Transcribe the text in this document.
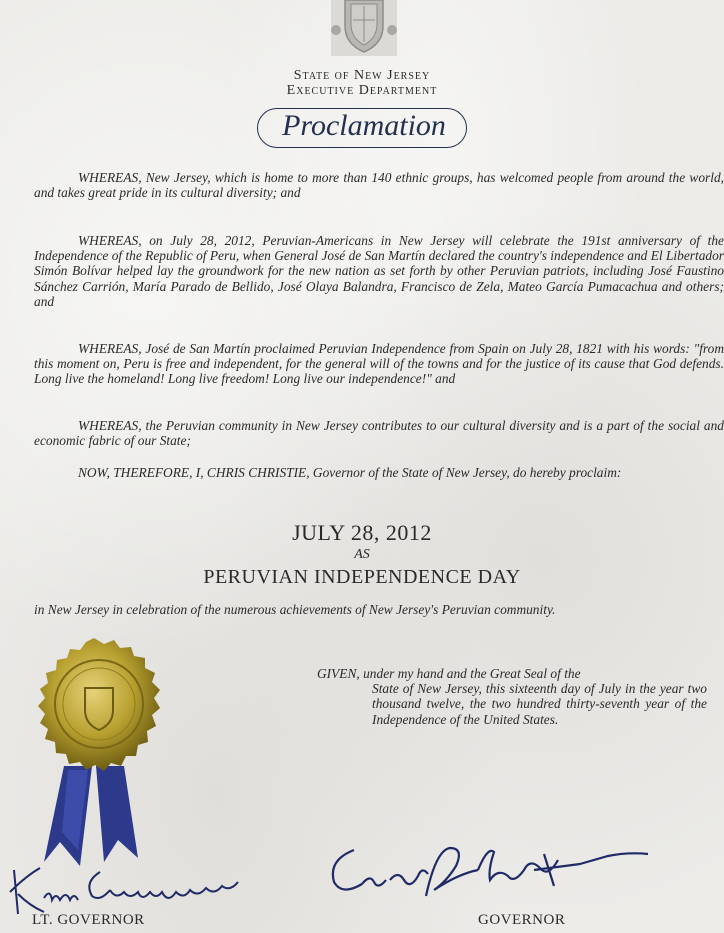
State of New Jersey
Executive Department
Proclamation
WHEREAS, New Jersey, which is home to more than 140 ethnic groups, has welcomed people from around the world, and takes great pride in its cultural diversity; and
WHEREAS, on July 28, 2012, Peruvian-Americans in New Jersey will celebrate the 191st anniversary of the Independence of the Republic of Peru, when General José de San Martín declared the country's independence and El Libertador Simón Bolívar helped lay the groundwork for the new nation as set forth by other Peruvian patriots, including José Faustino Sánchez Carrión, María Parado de Bellido, José Olaya Balandra, Francisco de Zela, Mateo García Pumacachua and others; and
WHEREAS, José de San Martín proclaimed Peruvian Independence from Spain on July 28, 1821 with his words: "from this moment on, Peru is free and independent, for the general will of the towns and for the justice of its cause that God defends. Long live the homeland! Long live freedom! Long live our independence!" and
WHEREAS, the Peruvian community in New Jersey contributes to our cultural diversity and is a part of the social and economic fabric of our State;
NOW, THEREFORE, I, CHRIS CHRISTIE, Governor of the State of New Jersey, do hereby proclaim:
JULY 28, 2012
AS
PERUVIAN INDEPENDENCE DAY
in New Jersey in celebration of the numerous achievements of New Jersey's Peruvian community.
GIVEN, under my hand and the Great Seal of the
State of New Jersey, this sixteenth day of July in the year two thousand twelve, the two hundred thirty-seventh year of the Independence of the United States.
LT. GOVERNOR	GOVERNOR
